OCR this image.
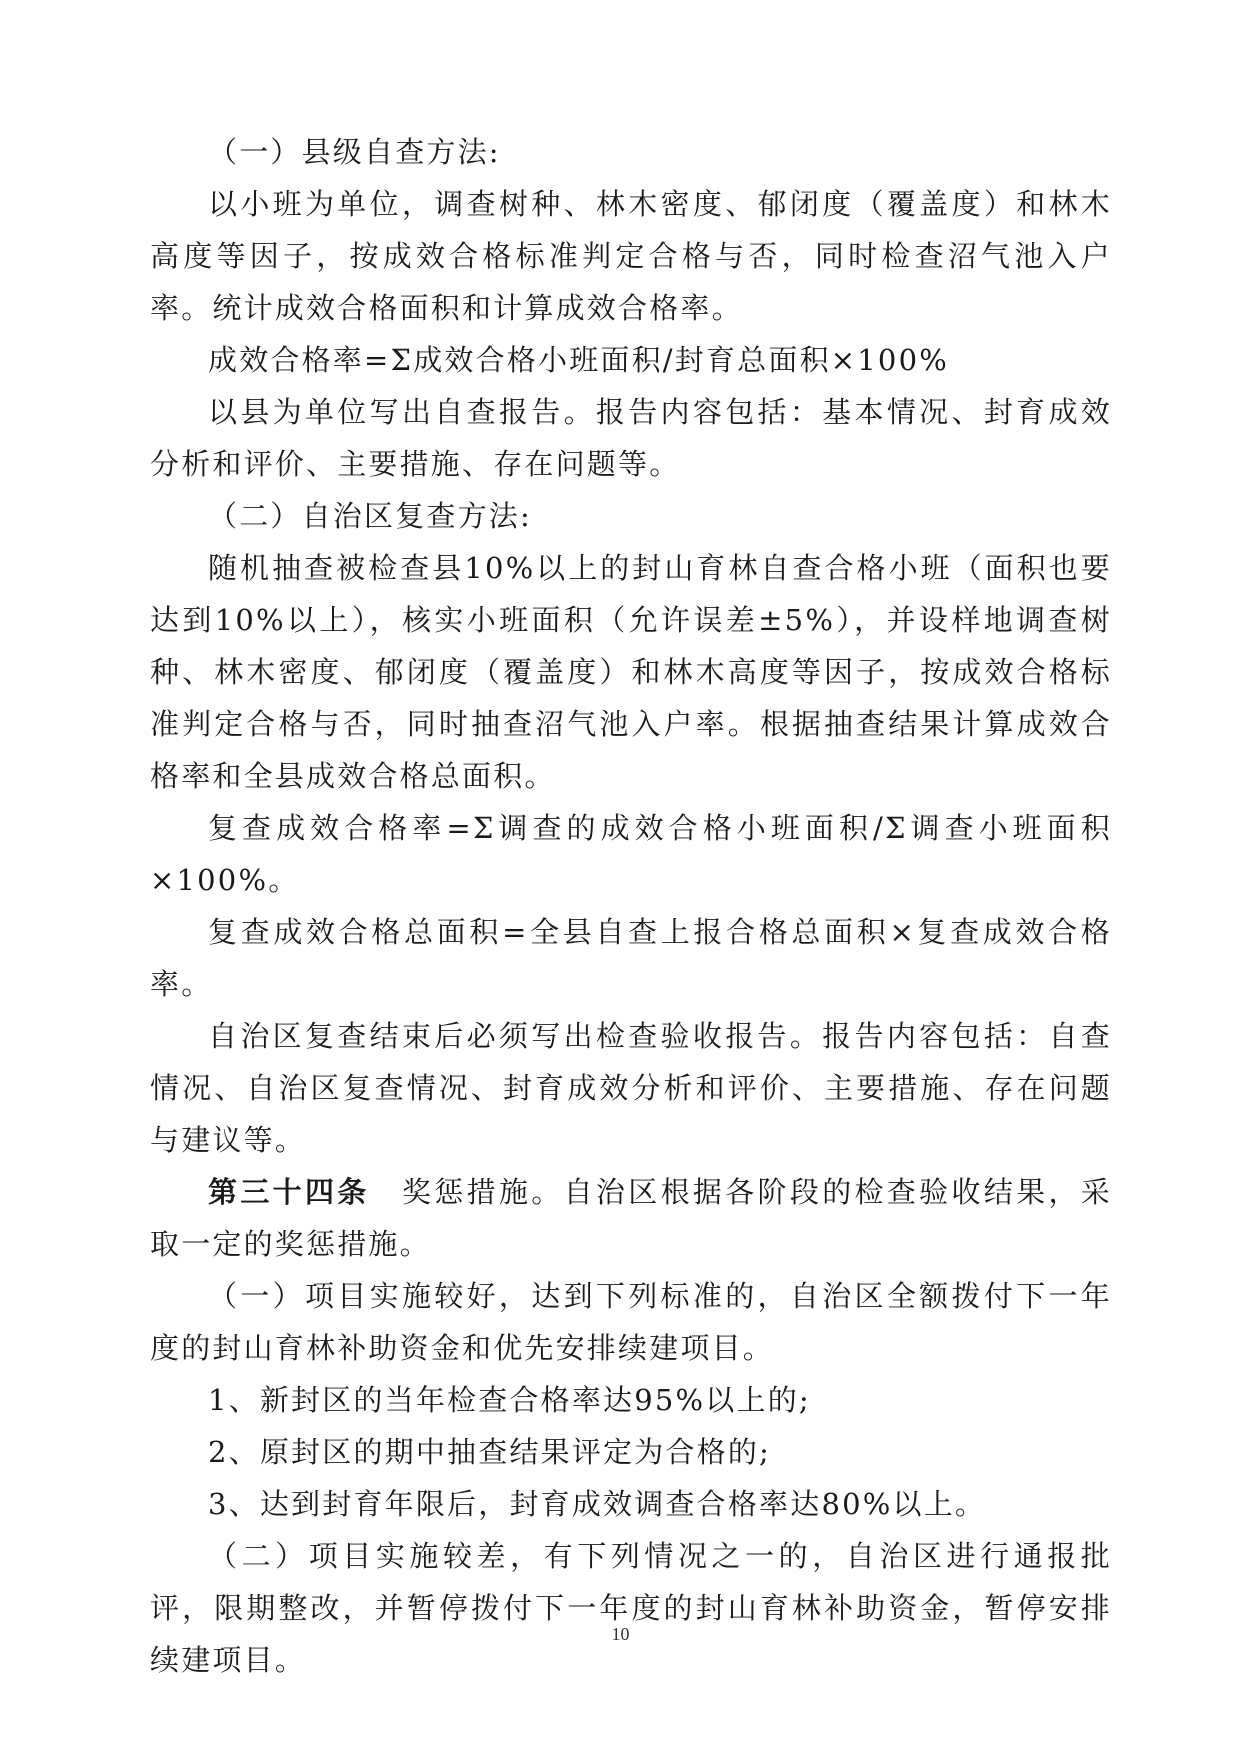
（一）县级自查方法:

以小班为单位，调查树种、林木密度、郁闭度（覆盖度）和林木高度等因子，按成效合格标准判定合格与否，同时检查沼气池入户率。统计成效合格面积和计算成效合格率。

成效合格率=Σ成效合格小班面积/封育总面积×100%

以县为单位写出自查报告。报告内容包括：基本情况、封育成效分析和评价、主要措施、存在问题等。

（二）自治区复查方法:

随机抽查被检查县10%以上的封山育林自查合格小班（面积也要达到10%以上），核实小班面积（允许误差±5%），并设样地调查树种、林木密度、郁闭度（覆盖度）和林木高度等因子，按成效合格标准判定合格与否，同时抽查沼气池入户率。根据抽查结果计算成效合格率和全县成效合格总面积。

复查成效合格率=Σ调查的成效合格小班面积/Σ调查小班面积×100%。

复查成效合格总面积=全县自查上报合格总面积×复查成效合格率。

自治区复查结束后必须写出检查验收报告。报告内容包括：自查情况、自治区复查情况、封育成效分析和评价、主要措施、存在问题与建议等。

第三十四条　奖惩措施。自治区根据各阶段的检查验收结果，采取一定的奖惩措施。

（一）项目实施较好，达到下列标准的，自治区全额拨付下一年度的封山育林补助资金和优先安排续建项目。

1、新封区的当年检查合格率达95%以上的;

2、原封区的期中抽查结果评定为合格的;

3、达到封育年限后，封育成效调查合格率达80%以上。

（二）项目实施较差，有下列情况之一的，自治区进行通报批评，限期整改，并暂停拨付下一年度的封山育林补助资金，暂停安排续建项目。

10
